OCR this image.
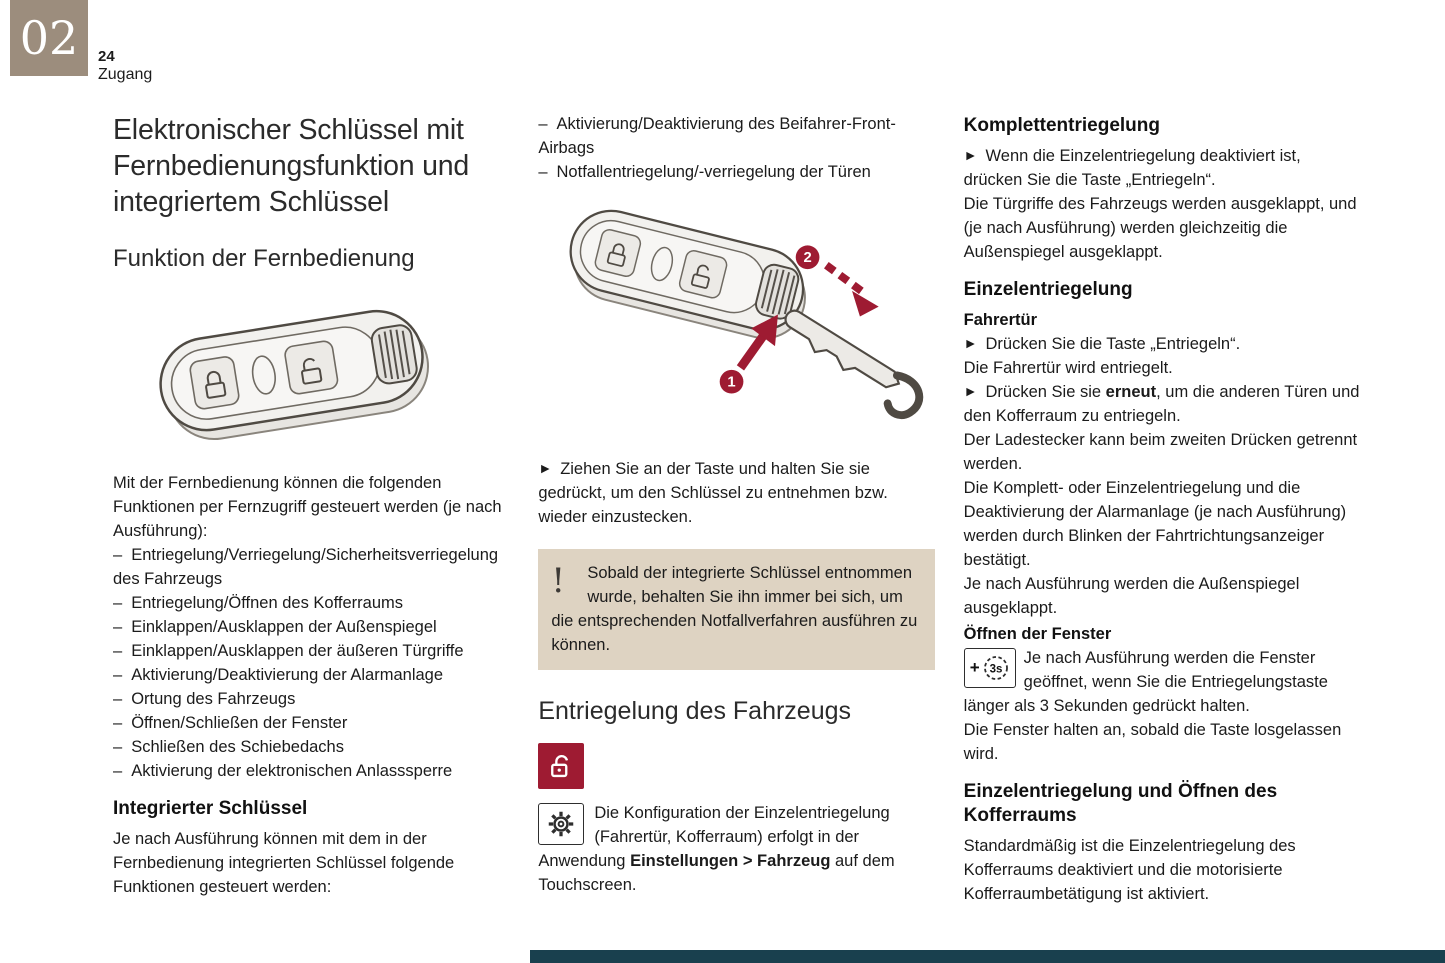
02 24
Zugang
Elektronischer Schlüssel mit Fernbedienungsfunktion und integriertem Schlüssel
Funktion der Fernbedienung

Mit der Fernbedienung können die folgenden Funktionen per Fernzugriff gesteuert werden (je nach Ausführung):

– Entriegelung/Verriegelung/Sicherheitsverriegelung des Fahrzeugs
– Entriegelung/Öffnen des Kofferraums
– Einklappen/Ausklappen der Außenspiegel
– Einklappen/Ausklappen der äußeren Türgriffe
– Aktivierung/Deaktivierung der Alarmanlage
– Ortung des Fahrzeugs
– Öffnen/Schließen der Fenster
– Schließen des Schiebedachs
– Aktivierung der elektronischen Anlasssperre
Integrierter Schlüssel

Je nach Ausführung können mit dem in der Fernbedienung integrierten Schlüssel folgende Funktionen gesteuert werden:

– Aktivierung/Deaktivierung des Beifahrer-Front-Airbags
– Notfallentriegelung/-verriegelung der Türen
1
2

► Ziehen Sie an der Taste und halten Sie sie gedrückt, um den Schlüssel zu entnehmen bzw. wieder einzustecken.

!	Sobald der integrierte Schlüssel entnommen wurde, behalten Sie ihn immer bei sich, um die entsprechenden Notfallverfahren ausführen zu können.
Entriegelung des Fahrzeugs
Die Konfiguration der Einzelentriegelung (Fahrertür, Kofferraum) erfolgt in der Anwendung Einstellungen > Fahrzeug auf dem Touchscreen.
Komplettentriegelung

► Wenn die Einzelentriegelung deaktiviert ist, drücken Sie die Taste „Entriegeln“.

Die Türgriffe des Fahrzeugs werden ausgeklappt, und (je nach Ausführung) werden gleichzeitig die Außenspiegel ausgeklappt.

Einzelentriegelung
Fahrertür

► Drücken Sie die Taste „Entriegeln“.

Die Fahrertür wird entriegelt.

► Drücken Sie sie erneut, um die anderen Türen und den Kofferraum zu entriegeln.

Der Ladestecker kann beim zweiten Drücken getrennt werden.

Die Komplett- oder Einzelentriegelung und die Deaktivierung der Alarmanlage (je nach Ausführung) werden durch Blinken der Fahrtrichtungsanzeiger bestätigt.

Je nach Ausführung werden die Außenspiegel ausgeklappt.

Öffnen der Fenster
+ 3s
Je nach Ausführung werden die Fenster geöffnet, wenn Sie die Entriegelungstaste länger als 3 Sekunden gedrückt halten.

Die Fenster halten an, sobald die Taste losgelassen wird.

Einzelentriegelung und Öffnen des Kofferraums

Standardmäßig ist die Einzelentriegelung des Kofferraums deaktiviert und die motorisierte Kofferraumbetätigung ist aktiviert.
